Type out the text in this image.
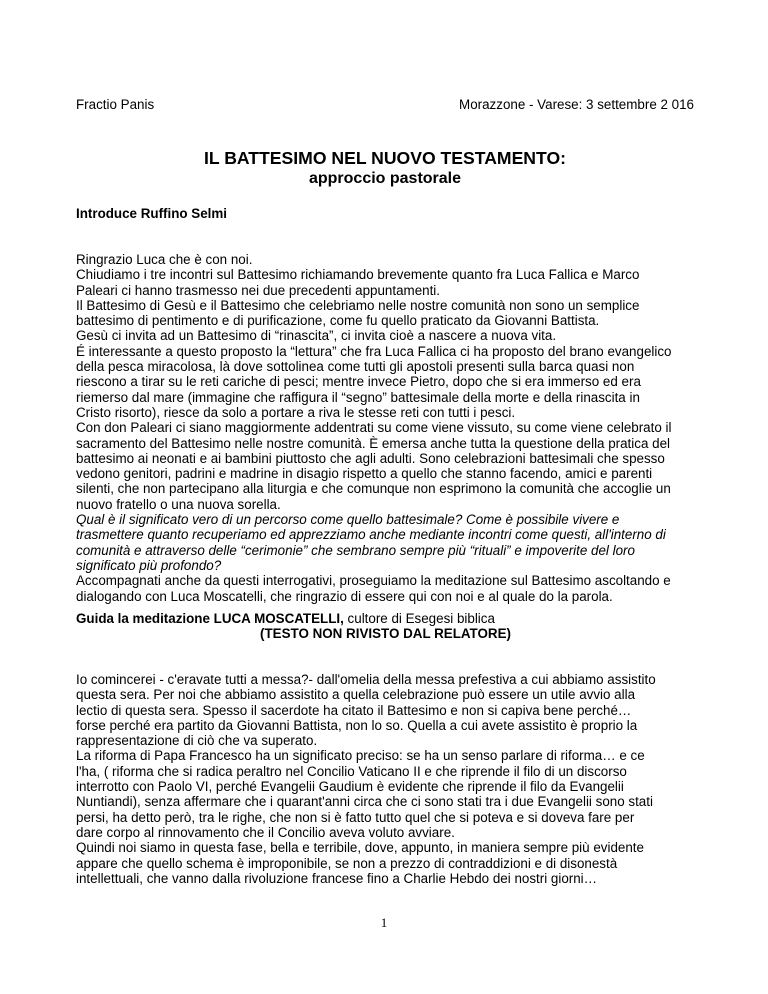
Fractio Panis	Morazzone - Varese: 3 settembre 2 016
IL BATTESIMO NEL NUOVO TESTAMENTO:
approccio pastorale
Introduce Ruffino Selmi

Ringrazio Luca che è con noi.

Chiudiamo i tre incontri sul Battesimo richiamando brevemente quanto fra Luca Fallica e Marco

Paleari ci hanno trasmesso nei due precedenti appuntamenti.

Il Battesimo di Gesù e il Battesimo che celebriamo nelle nostre comunità non sono un semplice

battesimo di pentimento e di purificazione, come fu quello praticato da Giovanni Battista.

Gesù ci invita ad un Battesimo di “rinascita”, ci invita cioè a nascere a nuova vita.

É interessante a questo proposto la “lettura” che fra Luca Fallica ci ha proposto del brano evangelico

della pesca miracolosa, là dove sottolinea come tutti gli apostoli presenti sulla barca quasi non

riescono a tirar su le reti cariche di pesci; mentre invece Pietro, dopo che si era immerso ed era

riemerso dal mare (immagine che raffigura il “segno” battesimale della morte e della rinascita in

Cristo risorto), riesce da solo a portare a riva le stesse reti con tutti i pesci.

Con don Paleari ci siano maggiormente addentrati su come viene vissuto, su come viene celebrato il

sacramento del Battesimo nelle nostre comunità. È emersa anche tutta la questione della pratica del

battesimo ai neonati e ai bambini piuttosto che agli adulti. Sono celebrazioni battesimali che spesso

vedono genitori, padrini e madrine in disagio rispetto a quello che stanno facendo, amici e parenti

silenti, che non partecipano alla liturgia e che comunque non esprimono la comunità che accoglie un

nuovo fratello o una nuova sorella.

Qual è il significato vero di un percorso come quello battesimale? Come è possibile vivere e

trasmettere quanto recuperiamo ed apprezziamo anche mediante incontri come questi, all'interno di

comunità e attraverso delle “cerimonie” che sembrano sempre più “rituali” e impoverite del loro

significato più profondo?

Accompagnati anche da questi interrogativi, proseguiamo la meditazione sul Battesimo ascoltando e

dialogando con Luca Moscatelli, che ringrazio di essere qui con noi e al quale do la parola.

Guida la meditazione LUCA MOSCATELLI, cultore di Esegesi biblica
(TESTO NON RIVISTO DAL RELATORE)

Io comincerei - c'eravate tutti a messa?- dall'omelia della messa prefestiva a cui abbiamo assistito

questa sera. Per noi che abbiamo assistito a quella celebrazione può essere un utile avvio alla

lectio di questa sera. Spesso il sacerdote ha citato il Battesimo e non si capiva bene perché…

forse perché era partito da Giovanni Battista, non lo so. Quella a cui avete assistito è proprio la

rappresentazione di ciò che va superato.

La riforma di Papa Francesco ha un significato preciso: se ha un senso parlare di riforma… e ce

l'ha, ( riforma che si radica peraltro nel Concilio Vaticano II e che riprende il filo di un discorso

interrotto con Paolo VI, perché Evangelii Gaudium è evidente che riprende il filo da Evangelii

Nuntiandi), senza affermare che i quarant'anni circa che ci sono stati tra i due Evangelii sono stati

persi, ha detto però, tra le righe, che non si è fatto tutto quel che si poteva e si doveva fare per

dare corpo al rinnovamento che il Concilio aveva voluto avviare.

Quindi noi siamo in questa fase, bella e terribile, dove, appunto, in maniera sempre più evidente

appare che quello schema è improponibile, se non a prezzo di contraddizioni e di disonestà

intellettuali, che vanno dalla rivoluzione francese fino a Charlie Hebdo dei nostri giorni…

1
